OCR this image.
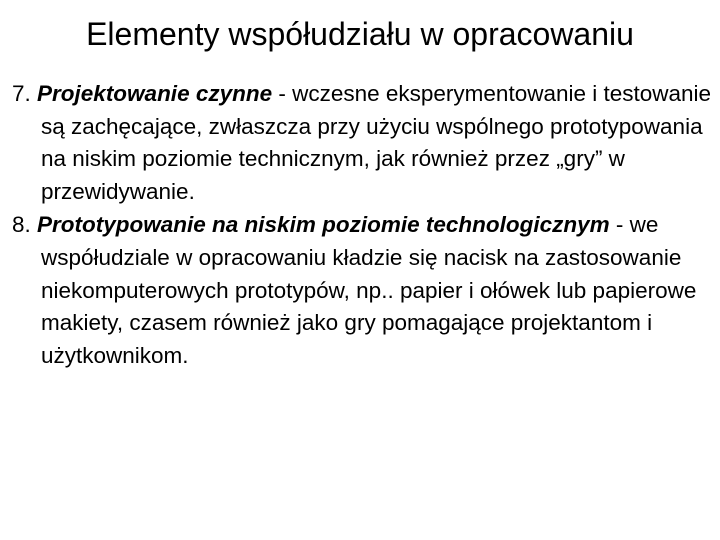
Elementy współudziału w opracowaniu

7. Projektowanie czynne - wczesne eksperymentowanie i testowanie są zachęcające, zwłaszcza przy użyciu wspólnego prototypowania na niskim poziomie technicznym, jak również przez „gry” w przewidywanie.

8. Prototypowanie na niskim poziomie technologicznym - we współudziale w opracowaniu kładzie się nacisk na zastosowanie niekomputerowych prototypów, np.. papier i ołówek lub papierowe makiety, czasem również jako gry pomagające projektantom i użytkownikom.
